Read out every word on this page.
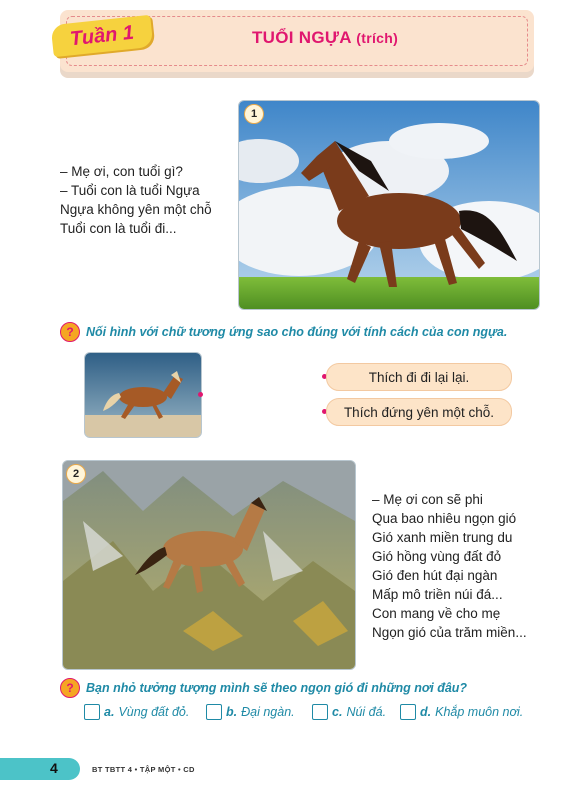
Tuần 1	TUỔI NGỰA (trích)
– Mẹ ơi, con tuổi gì?
– Tuổi con là tuổi Ngựa
Ngựa không yên một chỗ
Tuổi con là tuổi đi...
1
? Nối hình với chữ tương ứng sao cho đúng với tính cách của con ngựa.
Thích đi đi lại lại.
Thích đứng yên một chỗ.
2
– Mẹ ơi con sẽ phi
Qua bao nhiêu ngọn gió
Gió xanh miền trung du
Gió hồng vùng đất đỏ
Gió đen hút đại ngàn
Mấp mô triền núi đá...
Con mang về cho mẹ
Ngọn gió của trăm miền...
? Bạn nhỏ tưởng tượng mình sẽ theo ngọn gió đi những nơi đâu?
a. Vùng đất đỏ.	b. Đại ngàn.	c. Núi đá.	d. Khắp muôn nơi.
4	BT TBTT 4 • TẬP MỘT • CD
